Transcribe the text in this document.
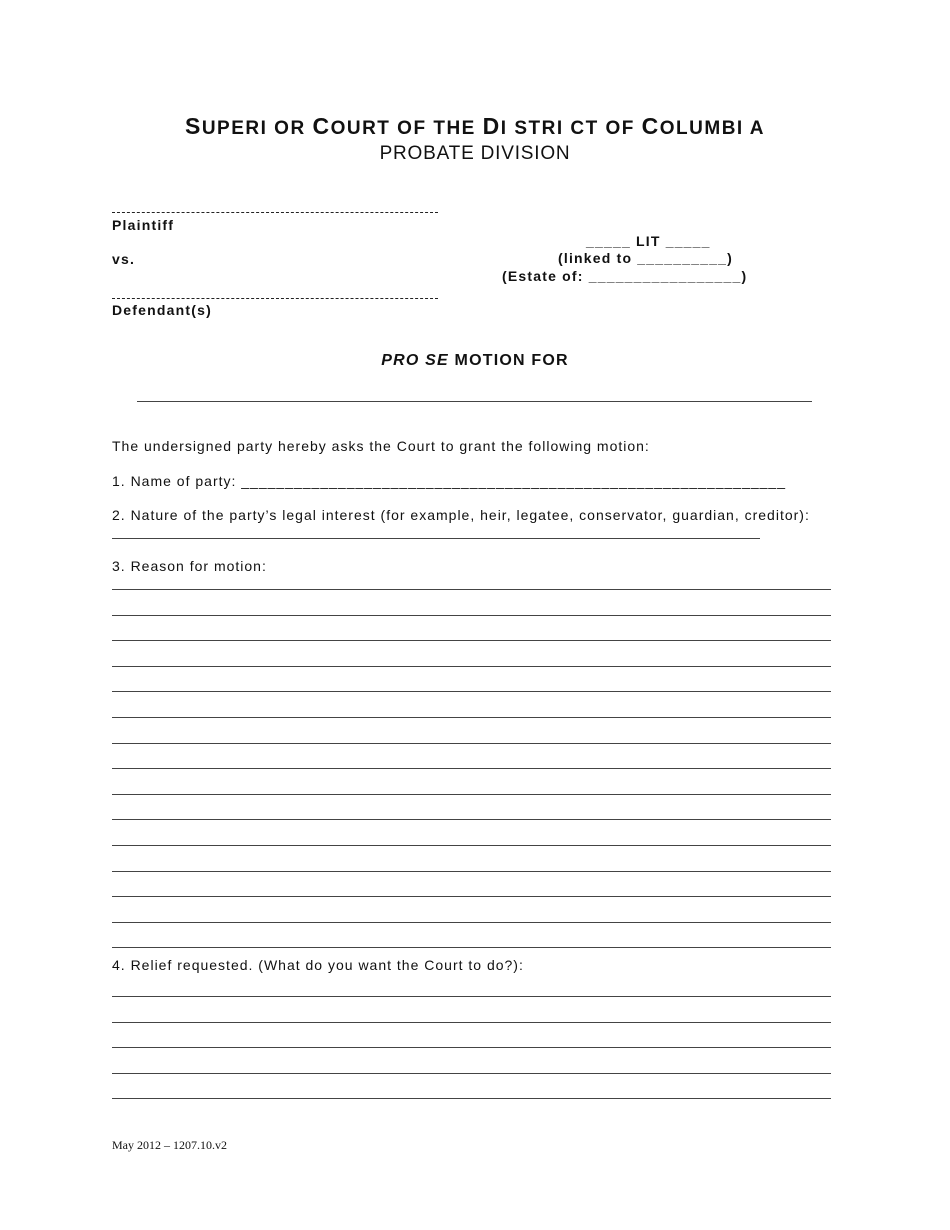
SUPERI OR COURT OF THE DI STRI CT OF COLUMBI A
PROBATE DIVISION
Plaintiff
vs.
Defendant(s)
_____ LIT _____
(linked to __________)
(Estate of: _________________)
PRO SE MOTION FOR
The undersigned party hereby asks the Court to grant the following motion:
1. Name of party: ______________________________________________________________
2. Nature of the party’s legal interest (for example, heir, legatee, conservator, guardian, creditor):
3. Reason for motion:
4. Relief requested. (What do you want the Court to do?):
May 2012 – 1207.10.v2
